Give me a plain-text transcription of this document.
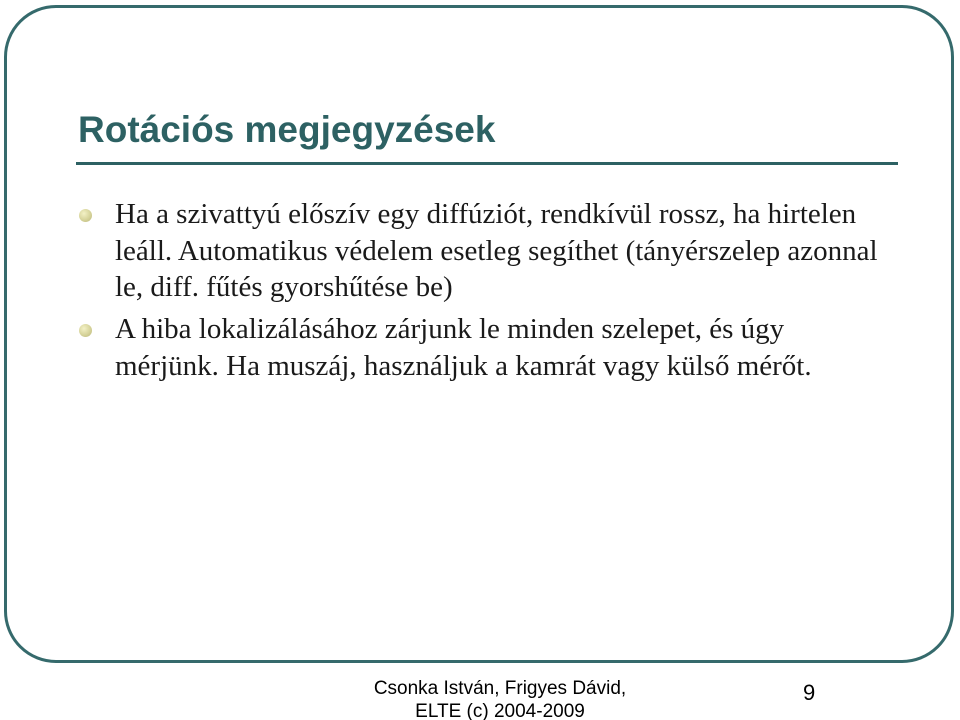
Rotációs megjegyzések
Ha a szivattyú előszív egy diffúziót, rendkívül rossz, ha hirtelen leáll. Automatikus védelem esetleg segíthet (tányérszelep azonnal le, diff. fűtés gyorshűtése be)
A hiba lokalizálásához zárjunk le minden szelepet, és úgy mérjünk. Ha muszáj, használjuk a kamrát vagy külső mérőt.
Csonka István, Frigyes Dávid,
ELTE (c) 2004-2009
9
